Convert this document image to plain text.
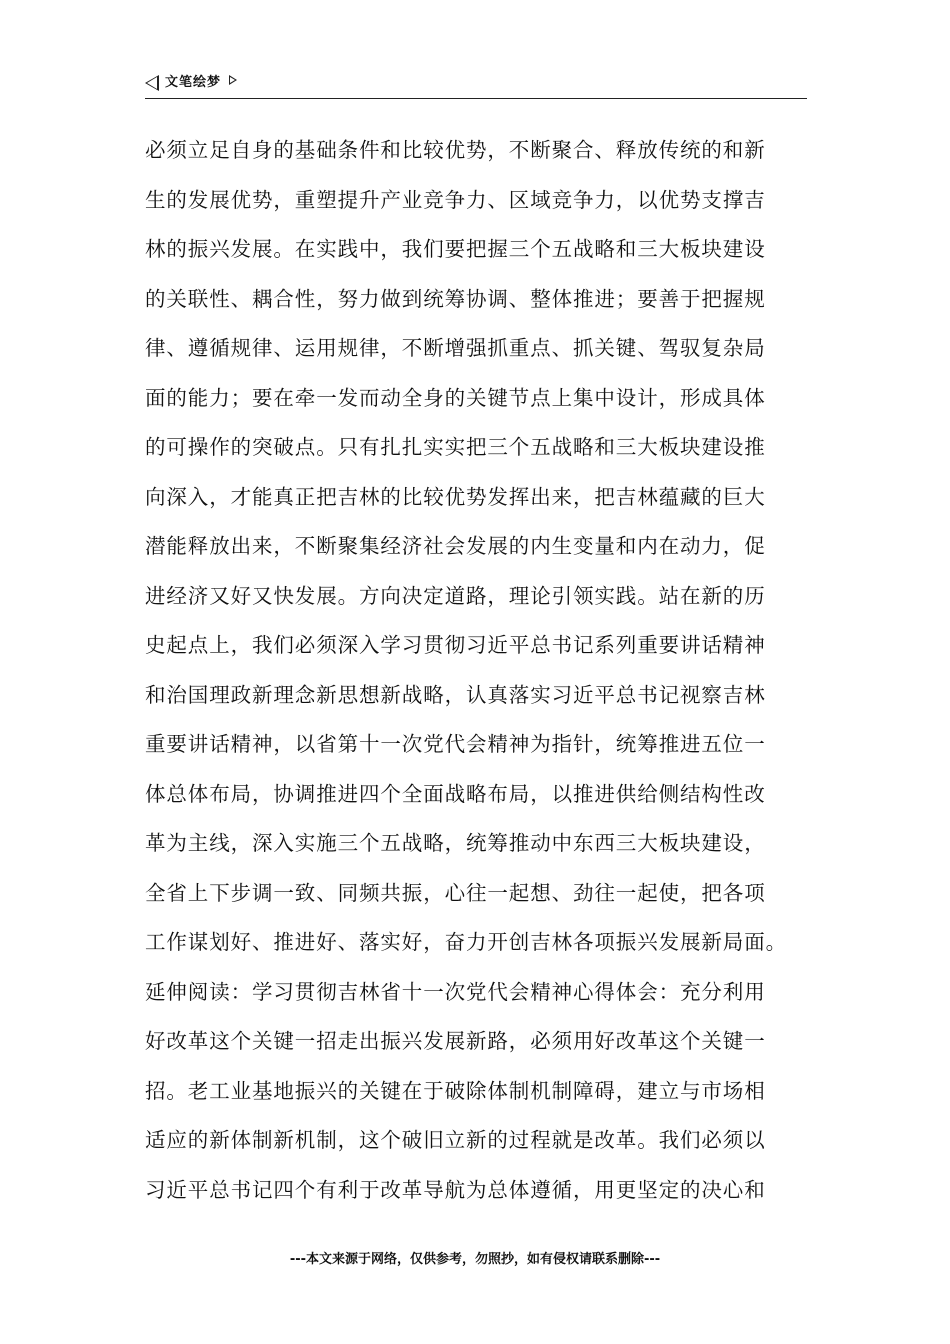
文笔绘梦
必须立足自身的基础条件和比较优势，不断聚合、释放传统的和新
生的发展优势，重塑提升产业竞争力、区域竞争力，以优势支撑吉
林的振兴发展。在实践中，我们要把握三个五战略和三大板块建设
的关联性、耦合性，努力做到统筹协调、整体推进；要善于把握规
律、遵循规律、运用规律，不断增强抓重点、抓关键、驾驭复杂局
面的能力；要在牵一发而动全身的关键节点上集中设计，形成具体
的可操作的突破点。只有扎扎实实把三个五战略和三大板块建设推
向深入，才能真正把吉林的比较优势发挥出来，把吉林蕴藏的巨大
潜能释放出来，不断聚集经济社会发展的内生变量和内在动力，促
进经济又好又快发展。方向决定道路，理论引领实践。站在新的历
史起点上，我们必须深入学习贯彻习近平总书记系列重要讲话精神
和治国理政新理念新思想新战略，认真落实习近平总书记视察吉林
重要讲话精神，以省第十一次党代会精神为指针，统筹推进五位一
体总体布局，协调推进四个全面战略布局，以推进供给侧结构性改
革为主线，深入实施三个五战略，统筹推动中东西三大板块建设，
全省上下步调一致、同频共振，心往一起想、劲往一起使，把各项
工作谋划好、推进好、落实好，奋力开创吉林各项振兴发展新局面。
延伸阅读：学习贯彻吉林省十一次党代会精神心得体会：充分利用
好改革这个关键一招走出振兴发展新路，必须用好改革这个关键一
招。老工业基地振兴的关键在于破除体制机制障碍，建立与市场相
适应的新体制新机制，这个破旧立新的过程就是改革。我们必须以
习近平总书记四个有利于改革导航为总体遵循，用更坚定的决心和
---本文来源于网络，仅供参考，勿照抄，如有侵权请联系删除---
